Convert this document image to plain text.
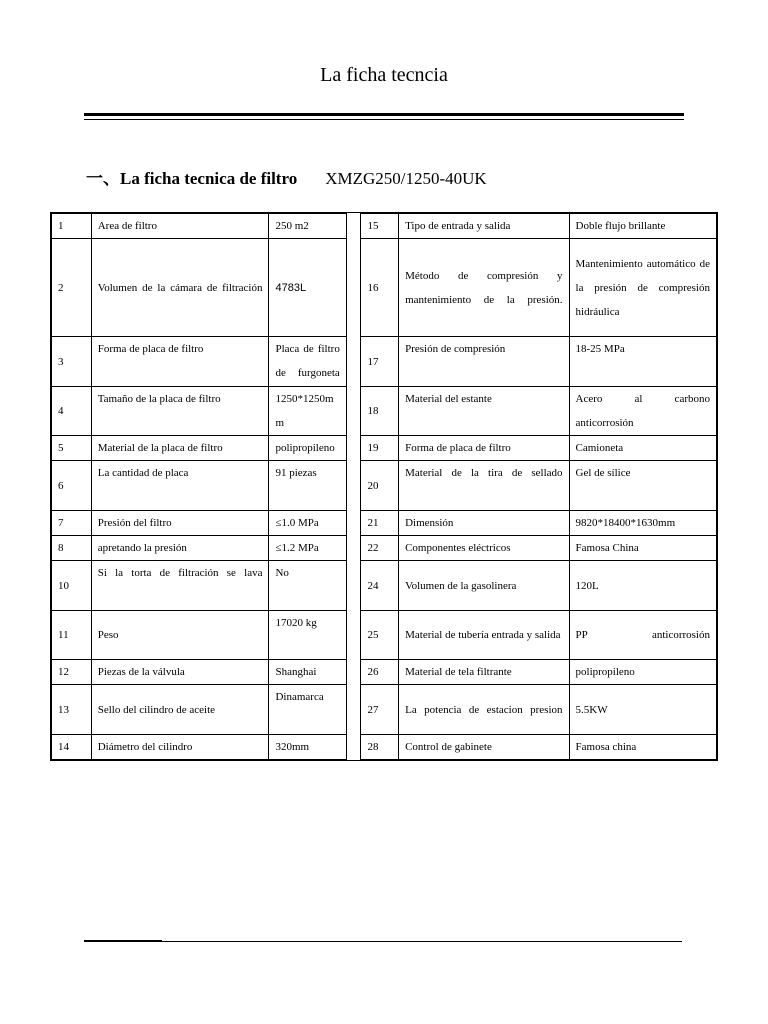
La ficha tecncia
一、La ficha tecnica de filtro XMZG250/1250-40UK
1	Area de filtro	250 m2		15	Tipo de entrada y salida	Doble flujo brillante
2	Volumen de la cámara de filtración	4783L		16	Método de compresión y mantenimiento de la presión.	Mantenimiento automático de la presión de compresión hidráulica
3	Forma de placa de filtro	Placa de filtro de furgoneta		17	Presión de compresión	18-25 MPa
4	Tamaño de la placa de filtro	1250*1250mm		18	Material del estante	Acero al carbono anticorrosión
5	Material de la placa de filtro	polipropileno		19	Forma de placa de filtro	Camioneta
6	La cantidad de placa	91 piezas		20	Material de la tira de sellado	Gel de sílice
7	Presión del filtro	≤1.0 MPa		21	Dimensión	9820*18400*1630mm
8	apretando la presión	≤1.2 MPa		22	Componentes eléctricos	Famosa China
10	Si la torta de filtración se lava	No		24	Volumen de la gasolinera	120L
11	Peso	17020 kg		25	Material de tubería entrada y salida	PP anticorrosión
12	Piezas de la válvula	Shanghai		26	Material de tela filtrante	polipropileno
13	Sello del cilindro de aceite	Dinamarca		27	La potencia de estacion presion	5.5KW
14	Diámetro del cilindro	320mm		28	Control de gabinete	Famosa china
